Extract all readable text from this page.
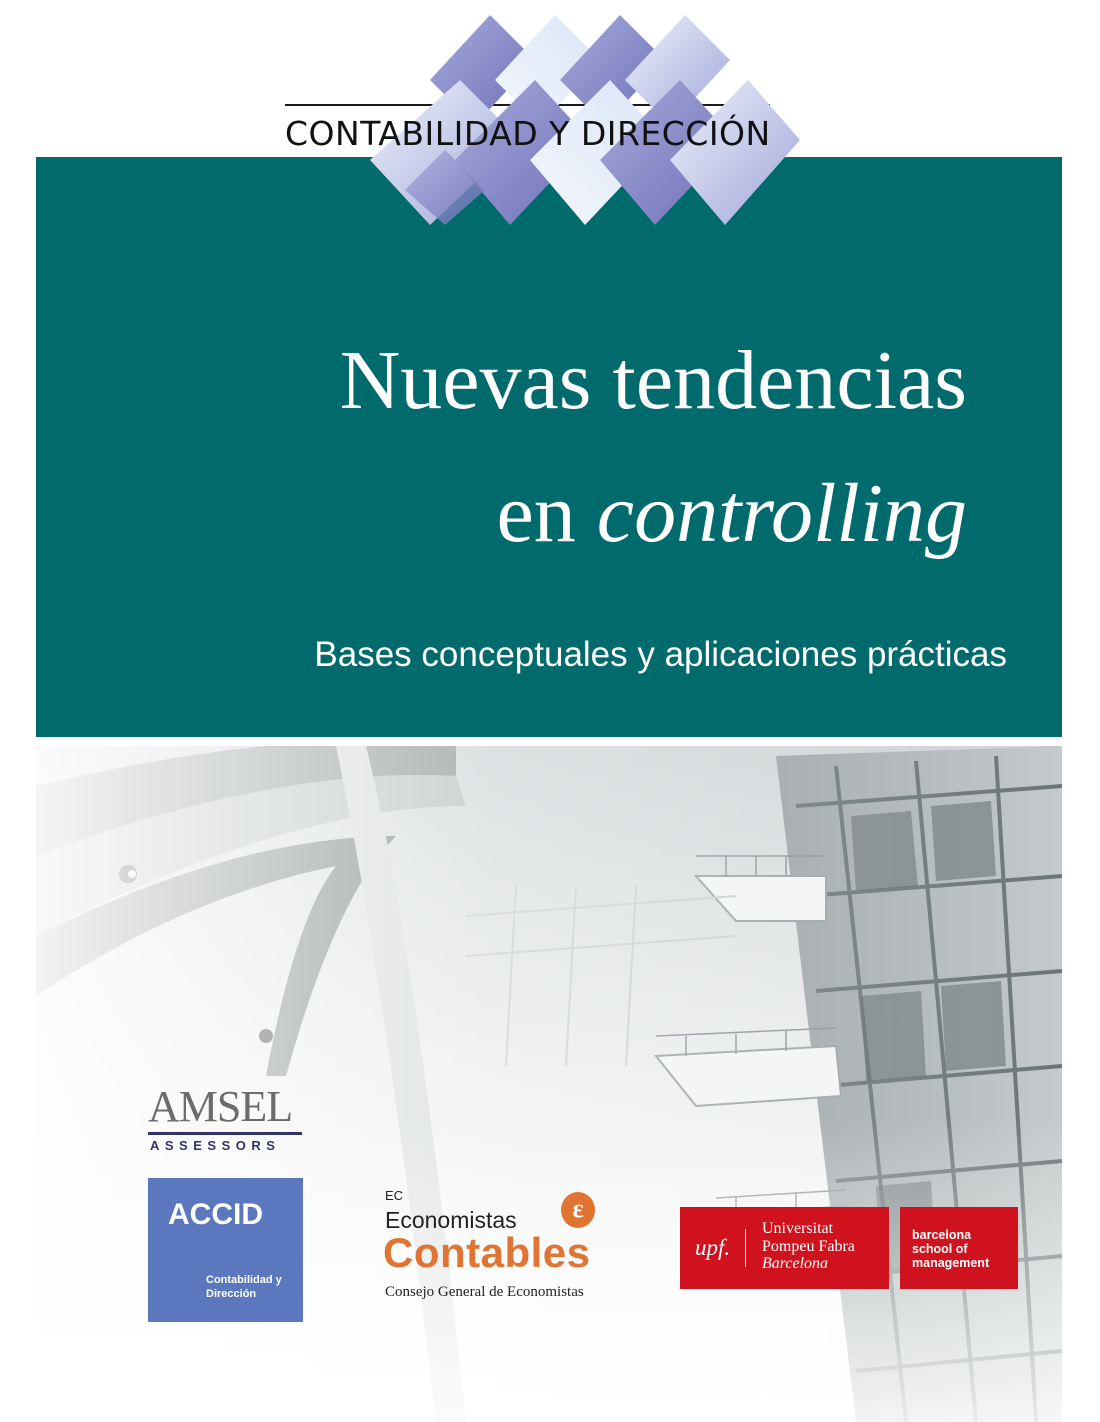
CONTABILIDAD Y DIRECCIÓN
Nuevas tendencias
en controlling

Bases conceptuales y aplicaciones prácticas

AMSEL
ASSESSORS
ACCID
Contabilidad y
Dirección
EC	ε
Economistas
Contables
Consejo General de Economistas
upf.
Universitat
Pompeu Fabra
Barcelona
barcelona
school of
management
